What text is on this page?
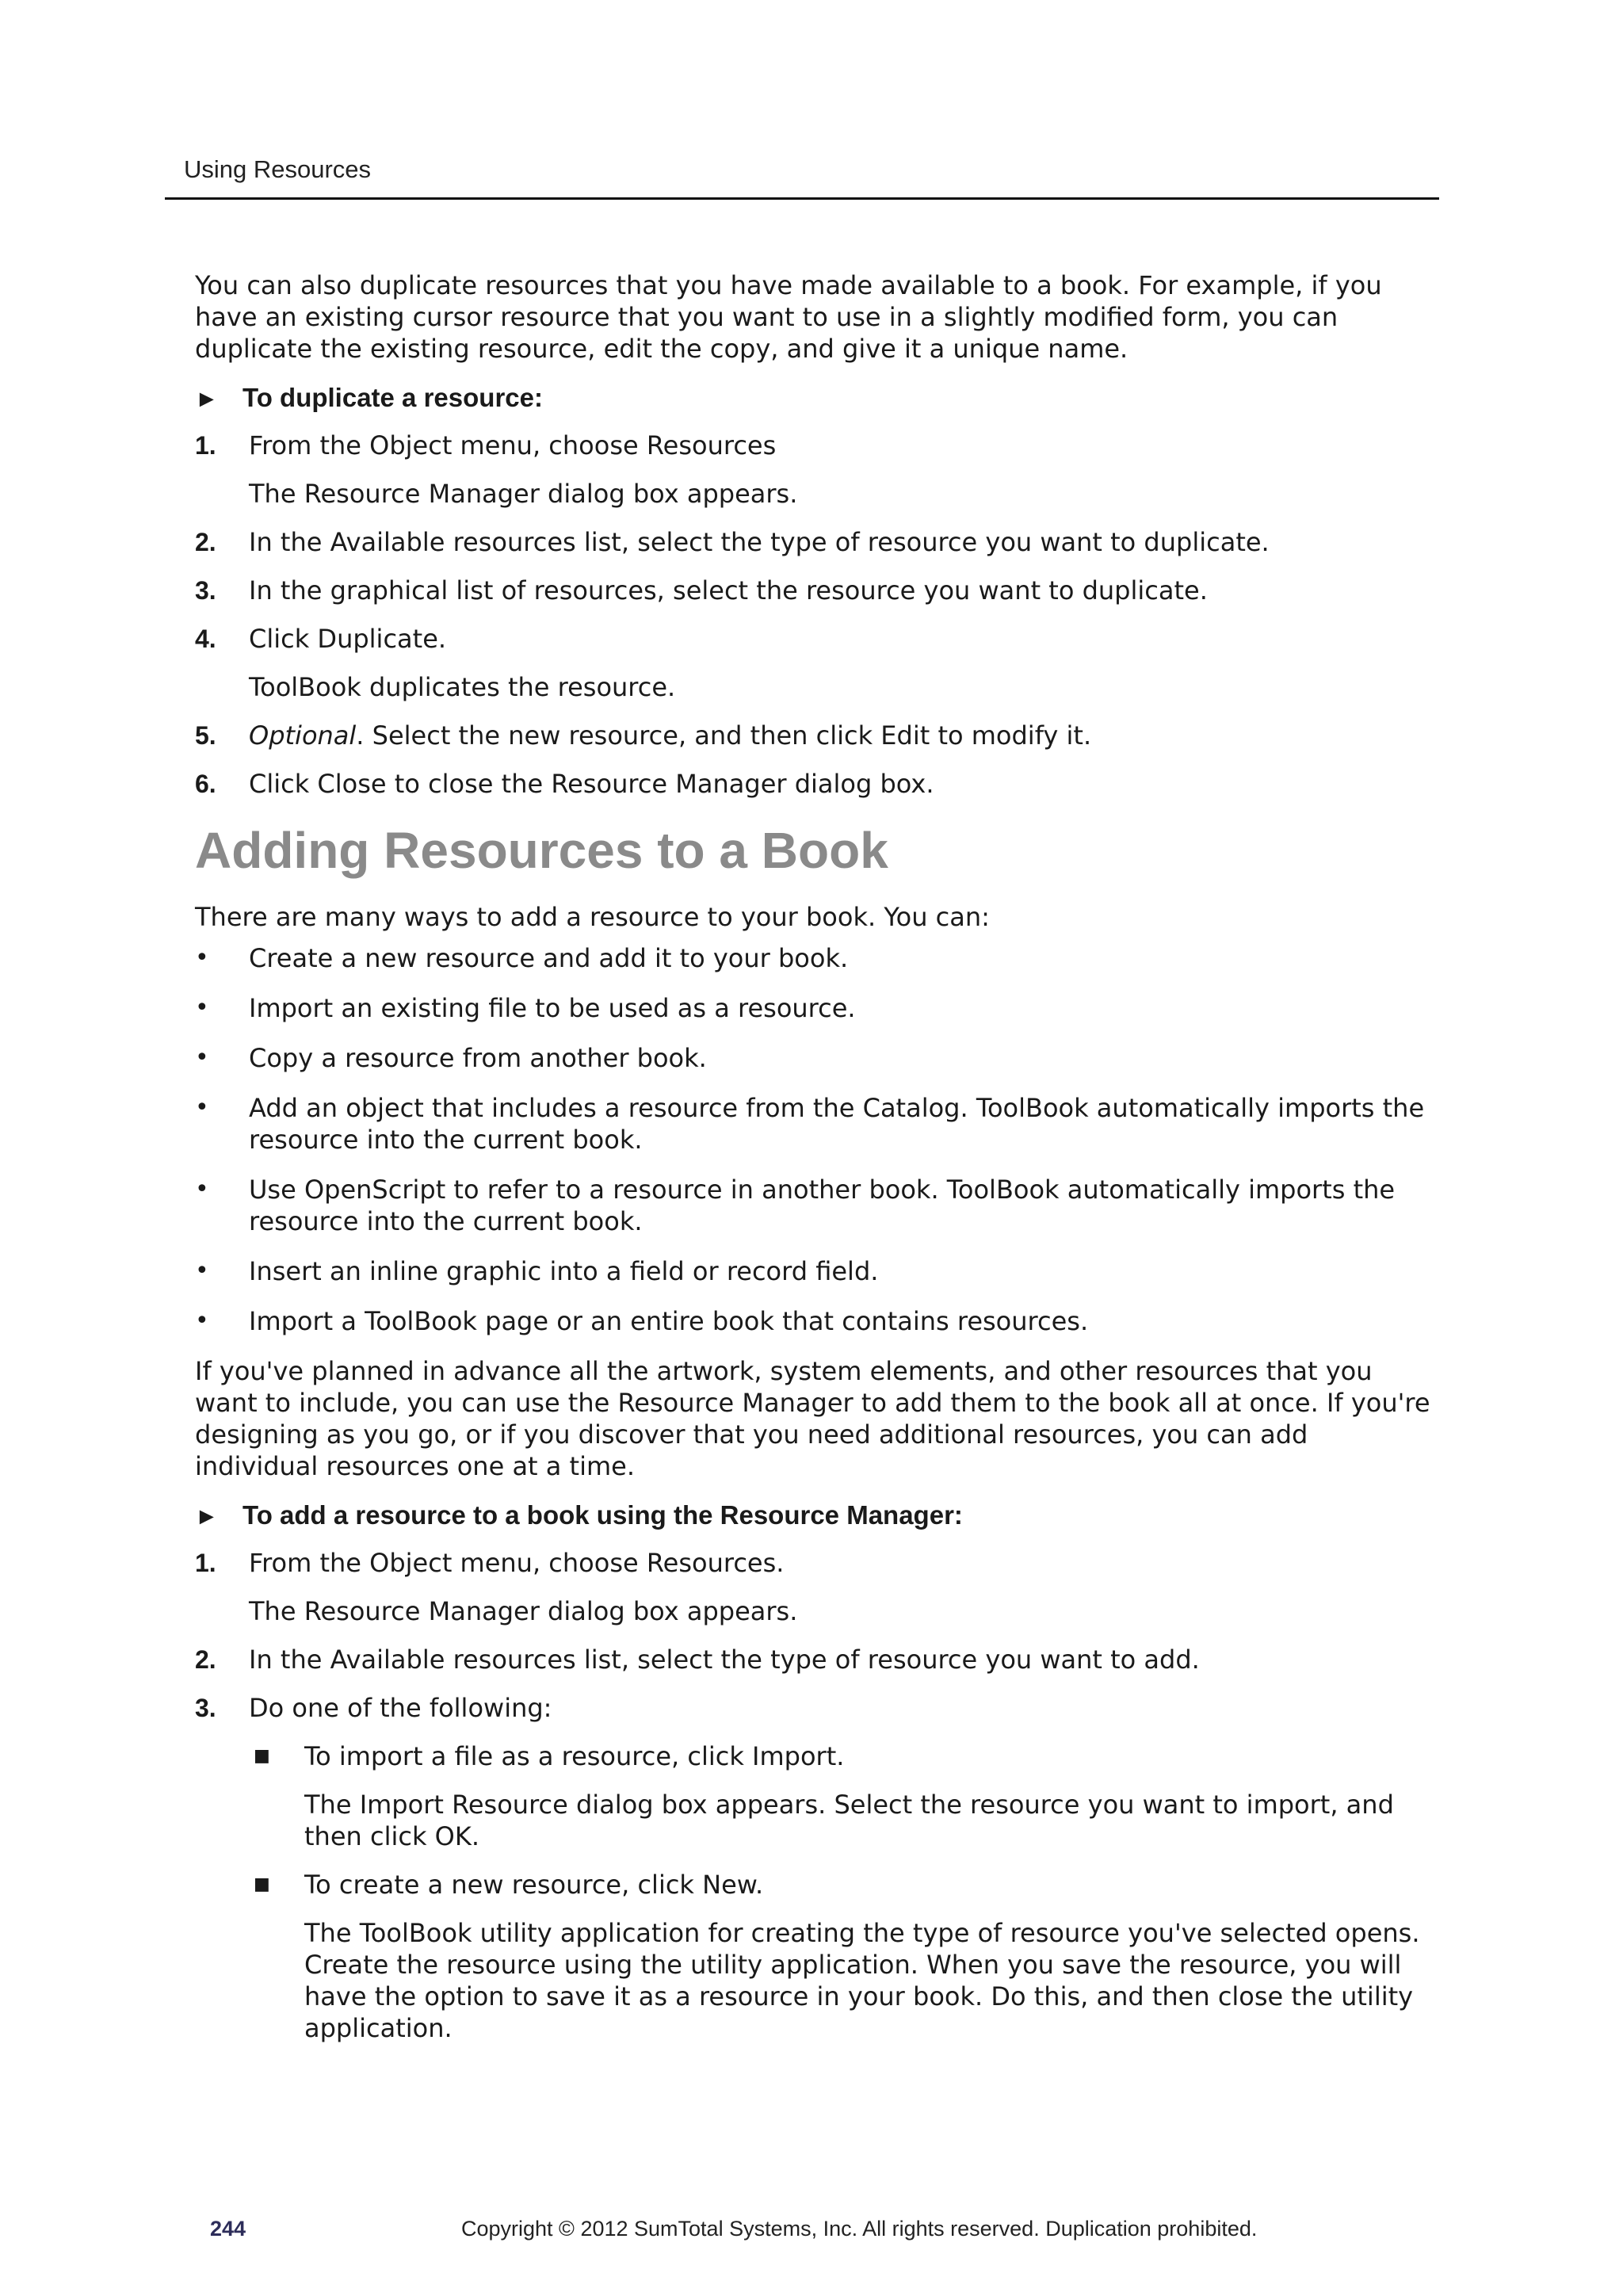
Using Resources

You can also duplicate resources that you have made available to a book. For example, if you have an existing cursor resource that you want to use in a slightly modified form, you can duplicate the existing resource, edit the copy, and give it a unique name.

► To duplicate a resource:
1.	From the Object menu, choose Resources
The Resource Manager dialog box appears.
2.	In the Available resources list, select the type of resource you want to duplicate.
3.	In the graphical list of resources, select the resource you want to duplicate.
4.	Click Duplicate.
ToolBook duplicates the resource.
5.	Optional. Select the new resource, and then click Edit to modify it.
6.	Click Close to close the Resource Manager dialog box.
Adding Resources to a Book

There are many ways to add a resource to your book. You can:

•	Create a new resource and add it to your book.
•	Import an existing file to be used as a resource.
•	Copy a resource from another book.
•	Add an object that includes a resource from the Catalog. ToolBook automatically imports the resource into the current book.
•	Use OpenScript to refer to a resource in another book. ToolBook automatically imports the resource into the current book.
•	Insert an inline graphic into a field or record field.
•	Import a ToolBook page or an entire book that contains resources.

If you've planned in advance all the artwork, system elements, and other resources that you want to include, you can use the Resource Manager to add them to the book all at once. If you're designing as you go, or if you discover that you need additional resources, you can add individual resources one at a time.

► To add a resource to a book using the Resource Manager:
1.	From the Object menu, choose Resources.
The Resource Manager dialog box appears.
2.	In the Available resources list, select the type of resource you want to add.
3.	Do one of the following:
■	To import a file as a resource, click Import.
The Import Resource dialog box appears. Select the resource you want to import, and then click OK.
■	To create a new resource, click New.
The ToolBook utility application for creating the type of resource you've selected opens. Create the resource using the utility application. When you save the resource, you will have the option to save it as a resource in your book. Do this, and then close the utility application.
244	Copyright © 2012 SumTotal Systems, Inc. All rights reserved. Duplication prohibited.
